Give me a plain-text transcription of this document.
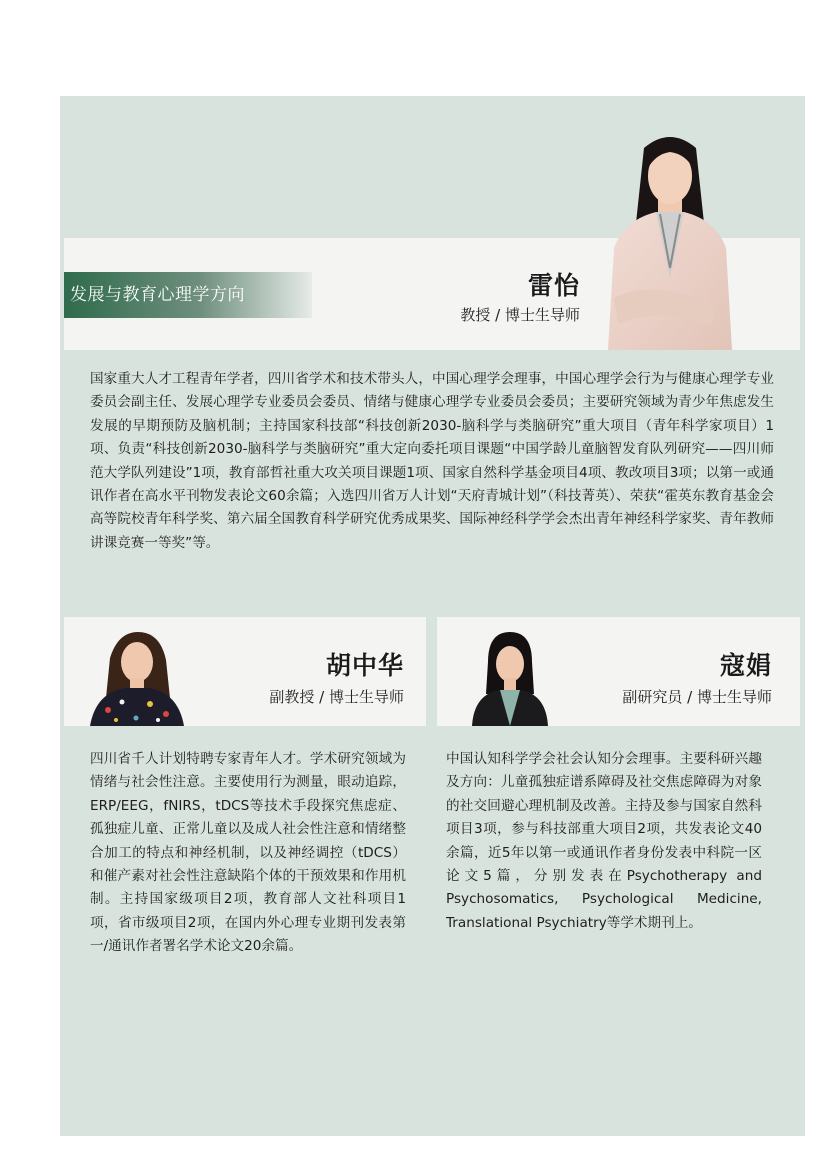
发展与教育心理学方向	雷怡
教授 / 博士生导师
国家重大人才工程青年学者，四川省学术和技术带头人，中国心理学会理事，中国心理学会行为与健康心理学专业委员会副主任、发展心理学专业委员会委员、情绪与健康心理学专业委员会委员；主要研究领域为青少年焦虑发生发展的早期预防及脑机制；主持国家科技部“科技创新2030-脑科学与类脑研究”重大项目（青年科学家项目）1项、负责“科技创新2030-脑科学与类脑研究”重大定向委托项目课题“中国学龄儿童脑智发育队列研究——四川师范大学队列建设”1项，教育部哲社重大攻关项目课题1项、国家自然科学基金项目4项、教改项目3项；以第一或通讯作者在高水平刊物发表论文60余篇；入选四川省万人计划“天府青城计划”（科技菁英）、荣获“霍英东教育基金会高等院校青年科学奖、第六届全国教育科学研究优秀成果奖、国际神经科学学会杰出青年神经科学家奖、青年教师讲课竞赛一等奖”等。
胡中华
副教授 / 博士生导师
四川省千人计划特聘专家青年人才。学术研究领域为情绪与社会性注意。主要使用行为测量，眼动追踪，ERP/EEG，fNIRS，tDCS等技术手段探究焦虑症、孤独症儿童、正常儿童以及成人社会性注意和情绪整合加工的特点和神经机制，以及神经调控（tDCS）和催产素对社会性注意缺陷个体的干预效果和作用机制。主持国家级项目2项，教育部人文社科项目1项，省市级项目2项，在国内外心理专业期刊发表第一/通讯作者署名学术论文20余篇。
寇娟
副研究员 / 博士生导师
中国认知科学学会社会认知分会理事。主要科研兴趣及方向：儿童孤独症谱系障碍及社交焦虑障碍为对象的社交回避心理机制及改善。主持及参与国家自然科项目3项，参与科技部重大项目2项，共发表论文40余篇，近5年以第一或通讯作者身份发表中科院一区论文5篇，分别发表在Psychotherapy and Psychosomatics, Psychological Medicine, Translational Psychiatry等学术期刊上。
